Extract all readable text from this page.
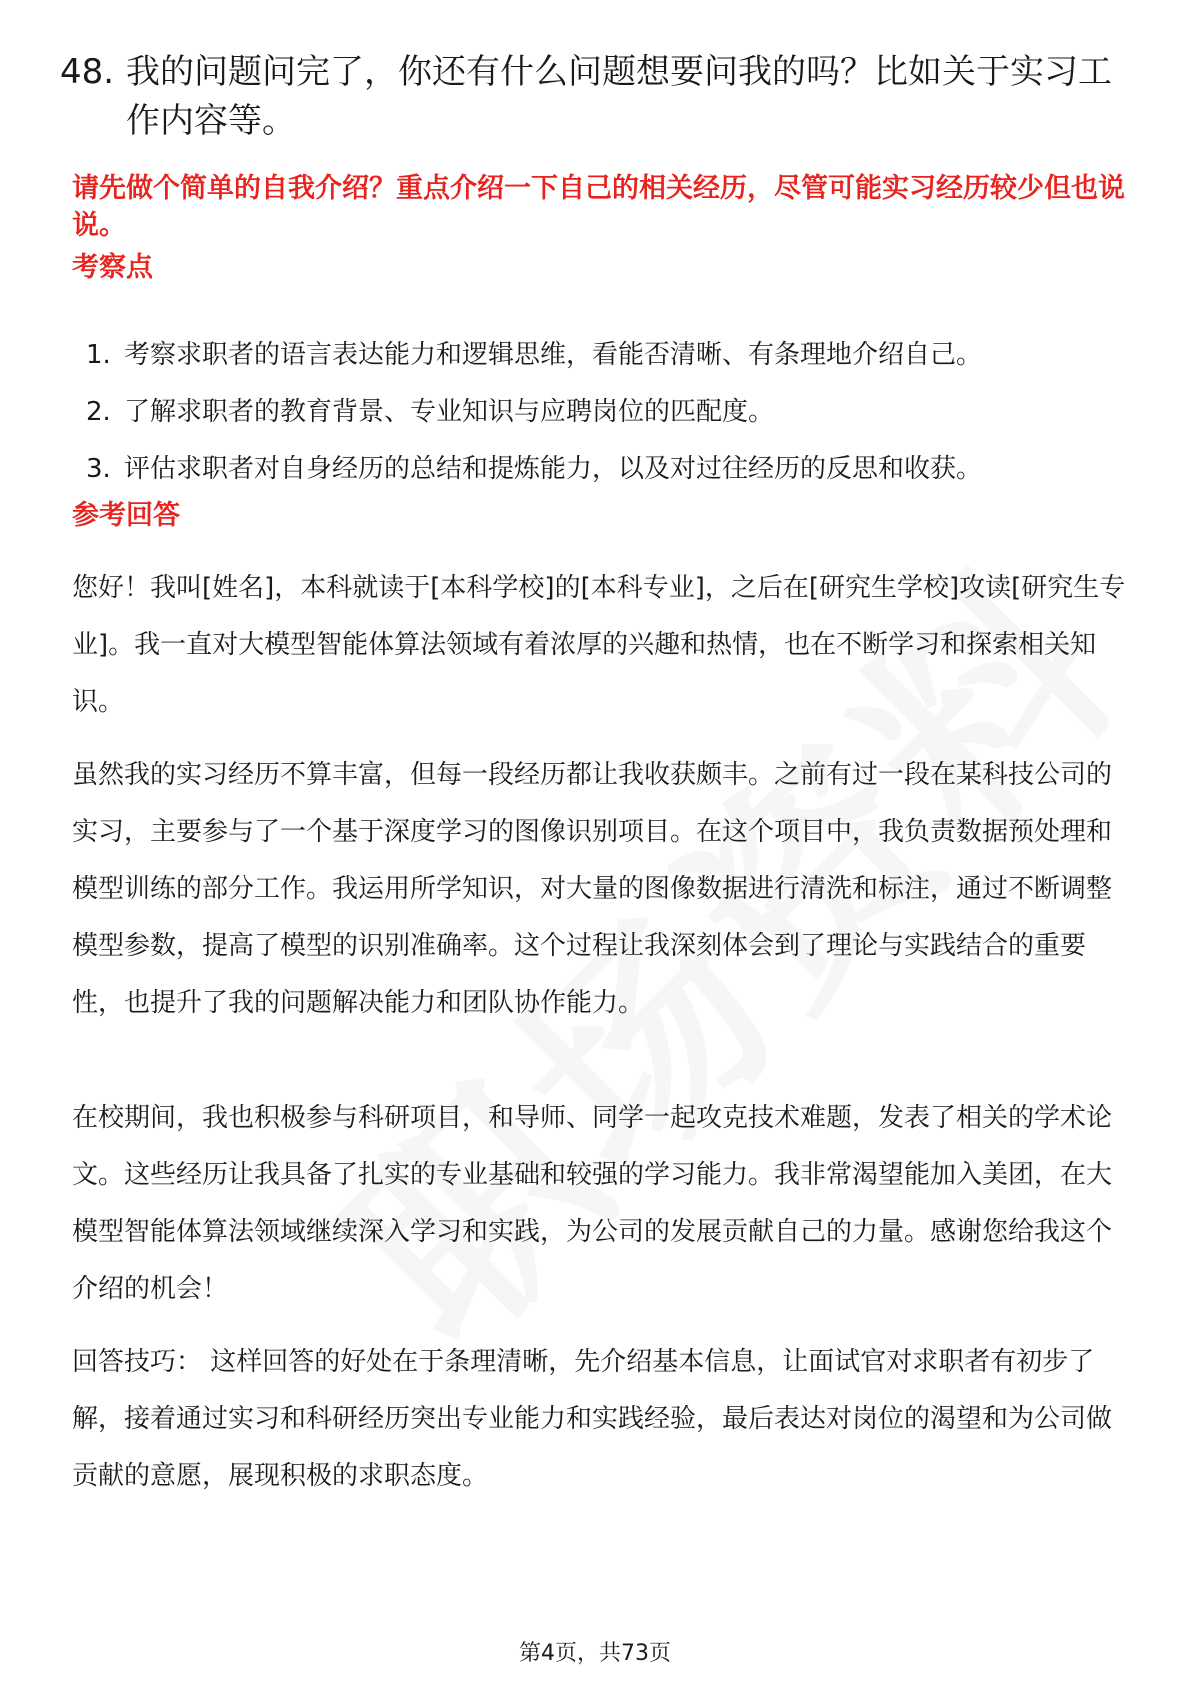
48. 我的问题问完了，你还有什么问题想要问我的吗？比如关于实习工作内容等。
请先做个简单的自我介绍？重点介绍一下自己的相关经历，尽管可能实习经历较少但也说说。
考察点
1. 考察求职者的语言表达能力和逻辑思维，看能否清晰、有条理地介绍自己。
2. 了解求职者的教育背景、专业知识与应聘岗位的匹配度。
3. 评估求职者对自身经历的总结和提炼能力，以及对过往经历的反思和收获。
参考回答
您好！我叫[姓名]，本科就读于[本科学校]的[本科专业]，之后在[研究生学校]攻读[研究生专业]。我一直对大模型智能体算法领域有着浓厚的兴趣和热情，也在不断学习和探索相关知识。
虽然我的实习经历不算丰富，但每一段经历都让我收获颇丰。之前有过一段在某科技公司的实习，主要参与了一个基于深度学习的图像识别项目。在这个项目中，我负责数据预处理和模型训练的部分工作。我运用所学知识，对大量的图像数据进行清洗和标注，通过不断调整模型参数，提高了模型的识别准确率。这个过程让我深刻体会到了理论与实践结合的重要性，也提升了我的问题解决能力和团队协作能力。
在校期间，我也积极参与科研项目，和导师、同学一起攻克技术难题，发表了相关的学术论文。这些经历让我具备了扎实的专业基础和较强的学习能力。我非常渴望能加入美团，在大模型智能体算法领域继续深入学习和实践，为公司的发展贡献自己的力量。感谢您给我这个介绍的机会！
回答技巧： 这样回答的好处在于条理清晰，先介绍基本信息，让面试官对求职者有初步了解，接着通过实习和科研经历突出专业能力和实践经验，最后表达对岗位的渴望和为公司做贡献的意愿，展现积极的求职态度。
第4页，共73页
